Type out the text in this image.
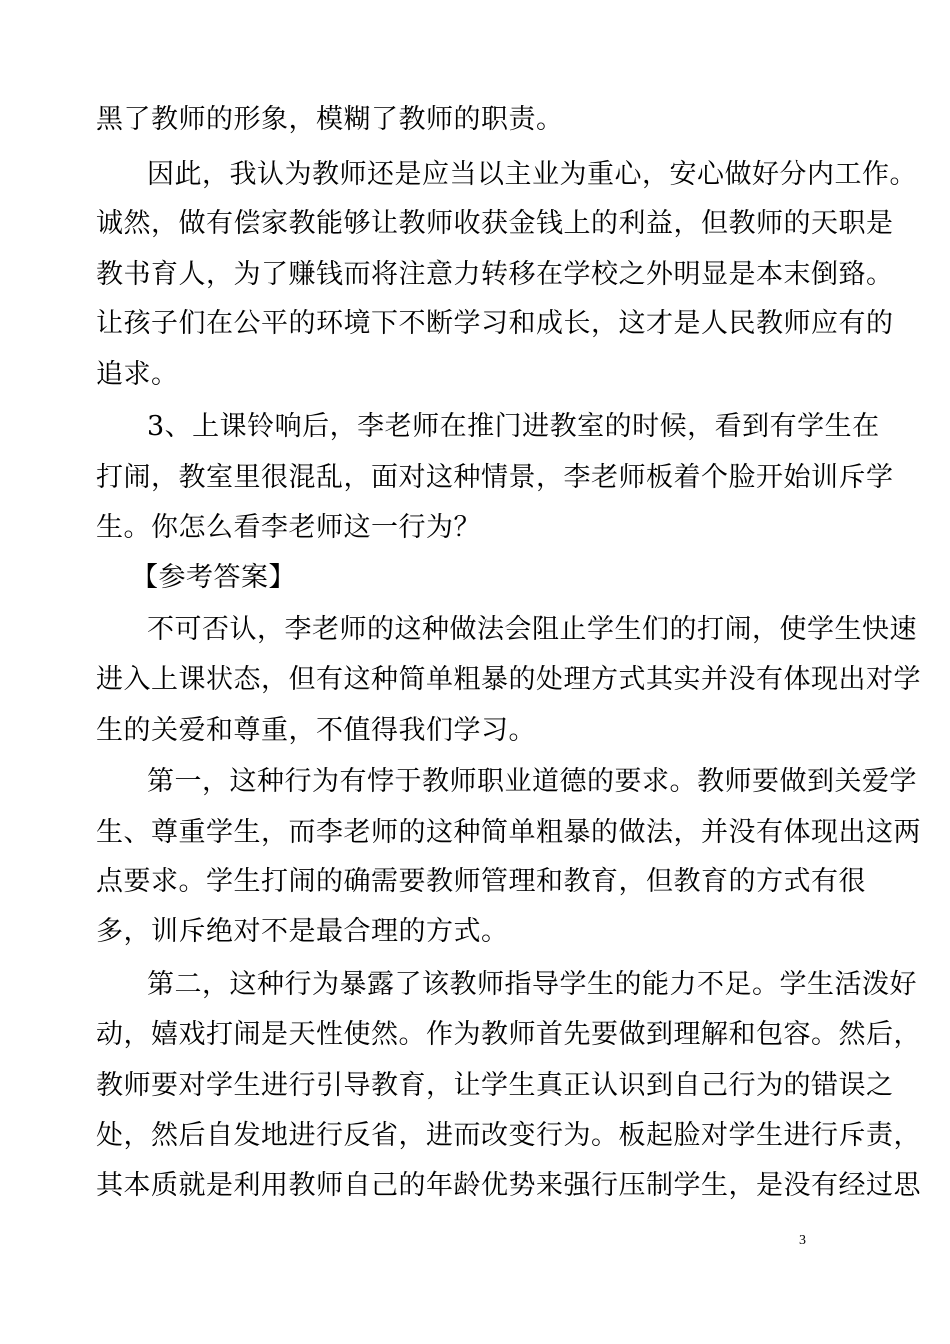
黑了教师的形象，模糊了教师的职责。
因此，我认为教师还是应当以主业为重心，安心做好分内工作。
诚然，做有偿家教能够让教师收获金钱上的利益，但教师的天职是
教书育人，为了赚钱而将注意力转移在学校之外明显是本末倒臵。
让孩子们在公平的环境下不断学习和成长，这才是人民教师应有的
追求。
3、上课铃响后，李老师在推门进教室的时候，看到有学生在
打闹，教室里很混乱，面对这种情景，李老师板着个脸开始训斥学
生。你怎么看李老师这一行为？
【参考答案】
不可否认，李老师的这种做法会阻止学生们的打闹，使学生快速
进入上课状态，但有这种简单粗暴的处理方式其实并没有体现出对学
生的关爱和尊重，不值得我们学习。
第一，这种行为有悖于教师职业道德的要求。教师要做到关爱学
生、尊重学生，而李老师的这种简单粗暴的做法，并没有体现出这两
点要求。学生打闹的确需要教师管理和教育，但教育的方式有很
多，训斥绝对不是最合理的方式。
第二，这种行为暴露了该教师指导学生的能力不足。学生活泼好
动，嬉戏打闹是天性使然。作为教师首先要做到理解和包容。然后，
教师要对学生进行引导教育，让学生真正认识到自己行为的错误之
处，然后自发地进行反省，进而改变行为。板起脸对学生进行斥责，
其本质就是利用教师自己的年龄优势来强行压制学生，是没有经过思
3
